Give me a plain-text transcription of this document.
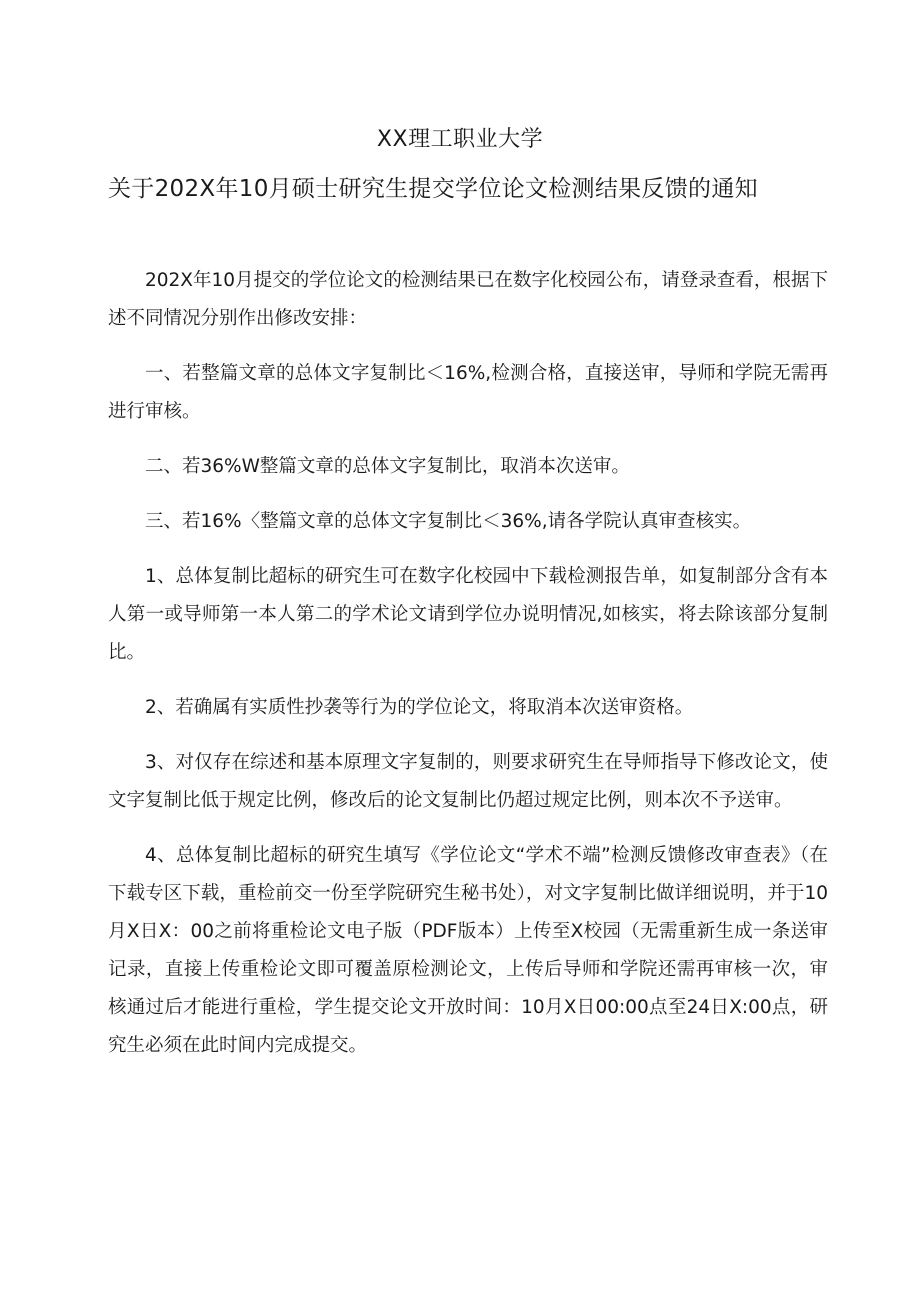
XX理工职业大学
关于202X年10月硕士研究生提交学位论文检测结果反馈的通知

202X年10月提交的学位论文的检测结果已在数字化校园公布，请登录查看，根据下述不同情况分别作出修改安排：

一、若整篇文章的总体文字复制比＜16%,检测合格，直接送审，导师和学院无需再进行审核。

二、若36%W整篇文章的总体文字复制比，取消本次送审。

三、若16%〈整篇文章的总体文字复制比＜36%,请各学院认真审查核实。

1、总体复制比超标的研究生可在数字化校园中下载检测报告单，如复制部分含有本人第一或导师第一本人第二的学术论文请到学位办说明情况,如核实，将去除该部分复制比。

2、若确属有实质性抄袭等行为的学位论文，将取消本次送审资格。

3、对仅存在综述和基本原理文字复制的，则要求研究生在导师指导下修改论文，使文字复制比低于规定比例，修改后的论文复制比仍超过规定比例，则本次不予送审。

4、总体复制比超标的研究生填写《学位论文“学术不端”检测反馈修改审查表》（在下载专区下载，重检前交一份至学院研究生秘书处），对文字复制比做详细说明，并于10月X日X：00之前将重检论文电子版（PDF版本）上传至X校园（无需重新生成一条送审记录，直接上传重检论文即可覆盖原检测论文，上传后导师和学院还需再审核一次，审核通过后才能进行重检，学生提交论文开放时间：10月X日00:00点至24日X:00点，研究生必须在此时间内完成提交。
